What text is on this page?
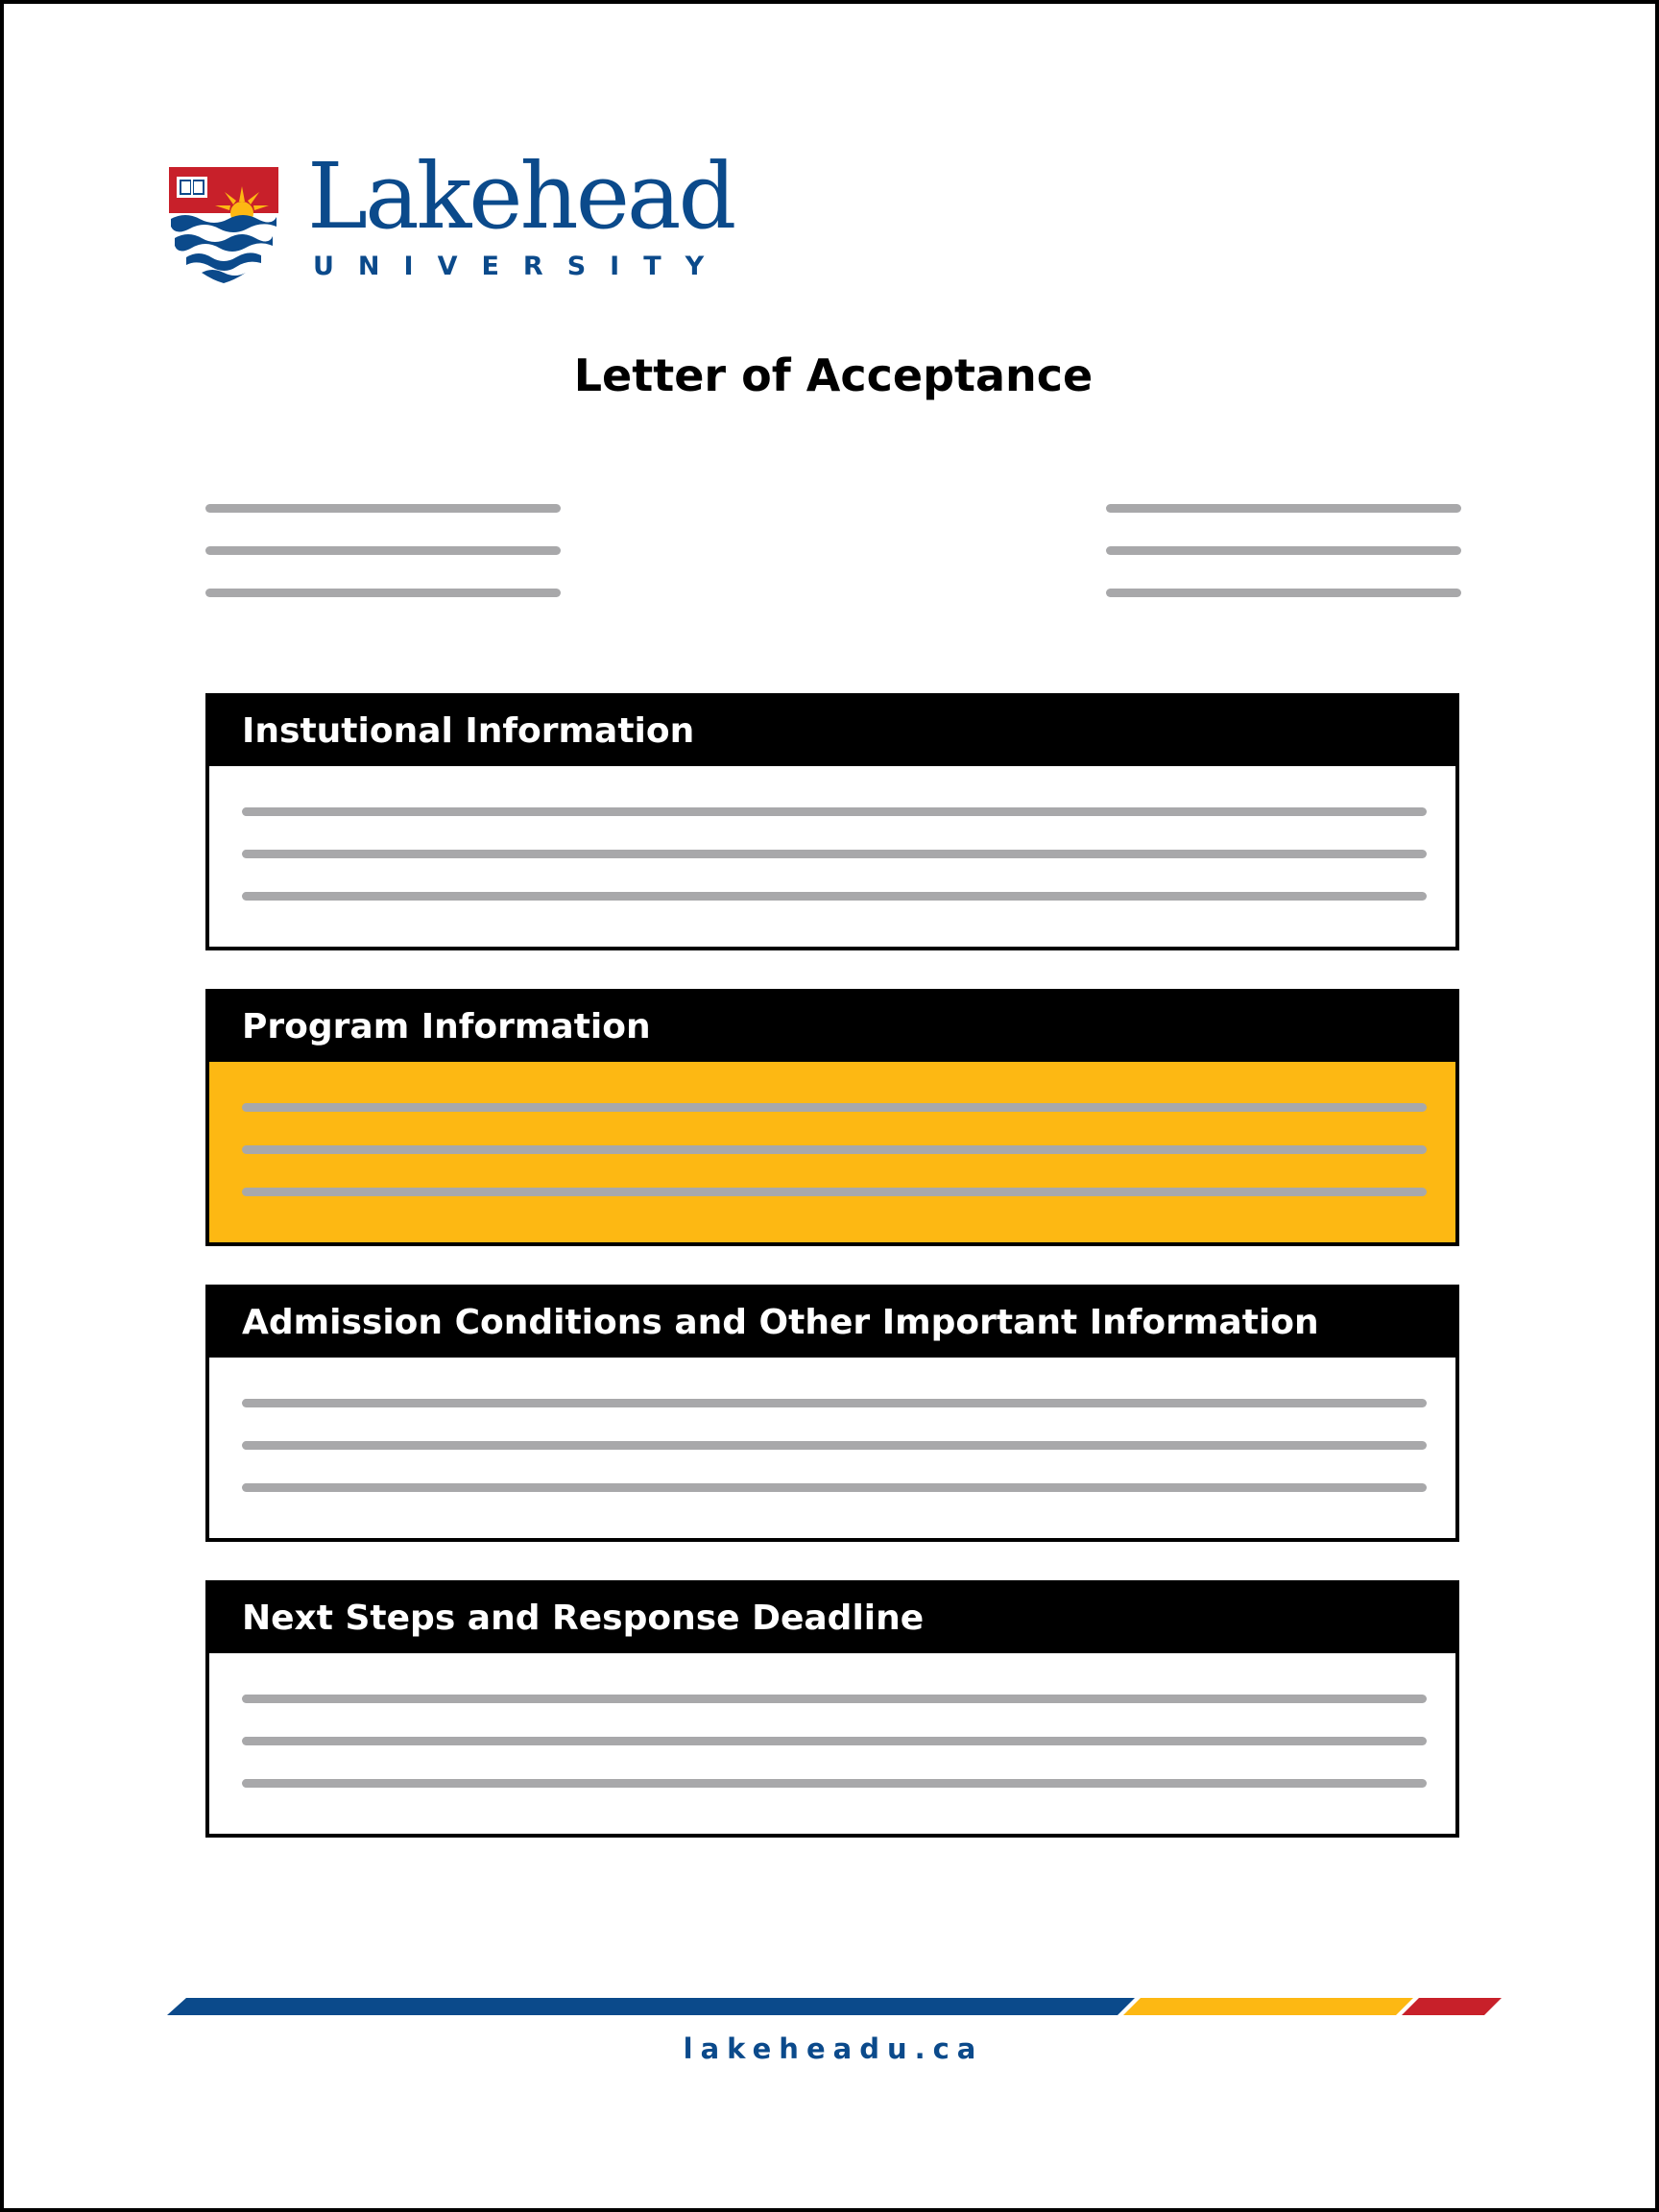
Lakehead
UNIVERSITY
Letter of Acceptance
Instutional Information
Program Information
Admission Conditions and Other Important Information
Next Steps and Response Deadline
lakeheadu.ca
